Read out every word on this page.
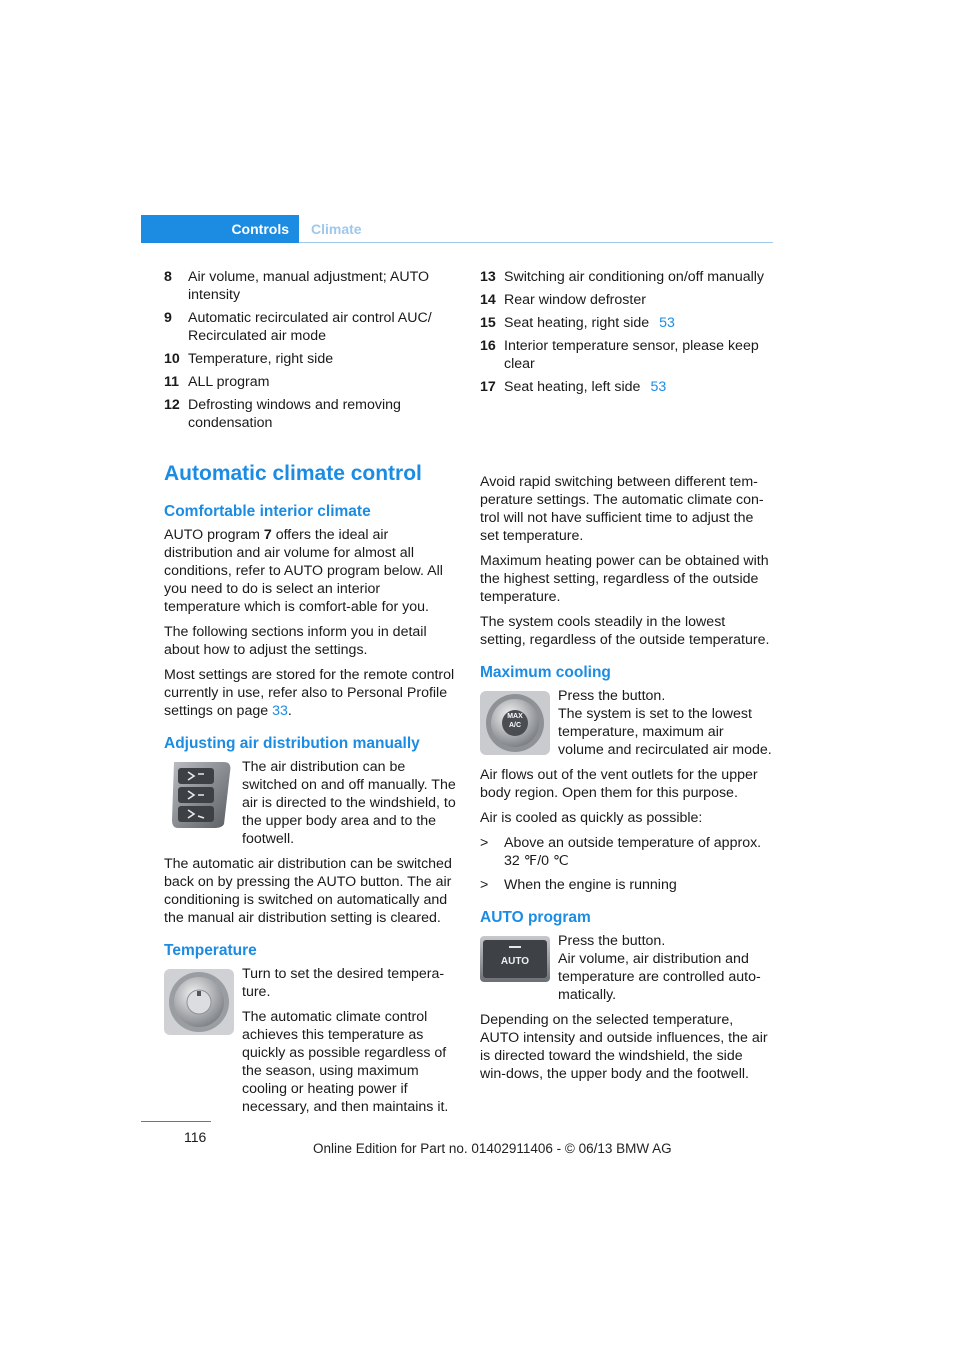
Controls	Climate
8	Air volume, manual adjustment; AUTO intensity
9	Automatic recirculated air control AUC/ Recirculated air mode
10 Temperature, right side
11 ALL program
12 Defrosting windows and removing condensation
13 Switching air conditioning on/off manually
14 Rear window defroster
15 Seat heating, right side 53
16 Interior temperature sensor, please keep clear
17 Seat heating, left side 53
Automatic climate control
Comfortable interior climate

AUTO program 7 offers the ideal air distribution and air volume for almost all conditions, refer to AUTO program below. All you need to do is select an interior temperature which is comfort-able for you.

The following sections inform you in detail about how to adjust the settings.

Most settings are stored for the remote control currently in use, refer also to Personal Profile settings on page 33.

Adjusting air distribution manually

The air distribution can be switched on and off manually. The air is directed to the windshield, to the upper body area and to the footwell.

The automatic air distribution can be switched back on by pressing the AUTO button. The air conditioning is switched on automatically and the manual air distribution setting is cleared.

Temperature

Turn to set the desired tempera-ture.

The automatic climate control achieves this temperature as quickly as possible regardless of the season, using maximum cooling or heating power if necessary, and then maintains it.

Avoid rapid switching between different tem-perature settings. The automatic climate con-trol will not have sufficient time to adjust the set temperature.

Maximum heating power can be obtained with the highest setting, regardless of the outside temperature.

The system cools steadily in the lowest setting, regardless of the outside temperature.

Maximum cooling
MAX
A/C

Press the button.

The system is set to the lowest temperature, maximum air volume and recirculated air mode.

Air flows out of the vent outlets for the upper body region. Open them for this purpose.

Air is cooled as quickly as possible:

>	Above an outside temperature of approx. 32 ℉/0 ℃
>	When the engine is running
AUTO program
AUTO

Press the button.

Air volume, air distribution and temperature are controlled auto-matically.

Depending on the selected temperature, AUTO intensity and outside influences, the air is directed toward the windshield, the side win-dows, the upper body and the footwell.

116
Online Edition for Part no. 01402911406 - © 06/13 BMW AG
